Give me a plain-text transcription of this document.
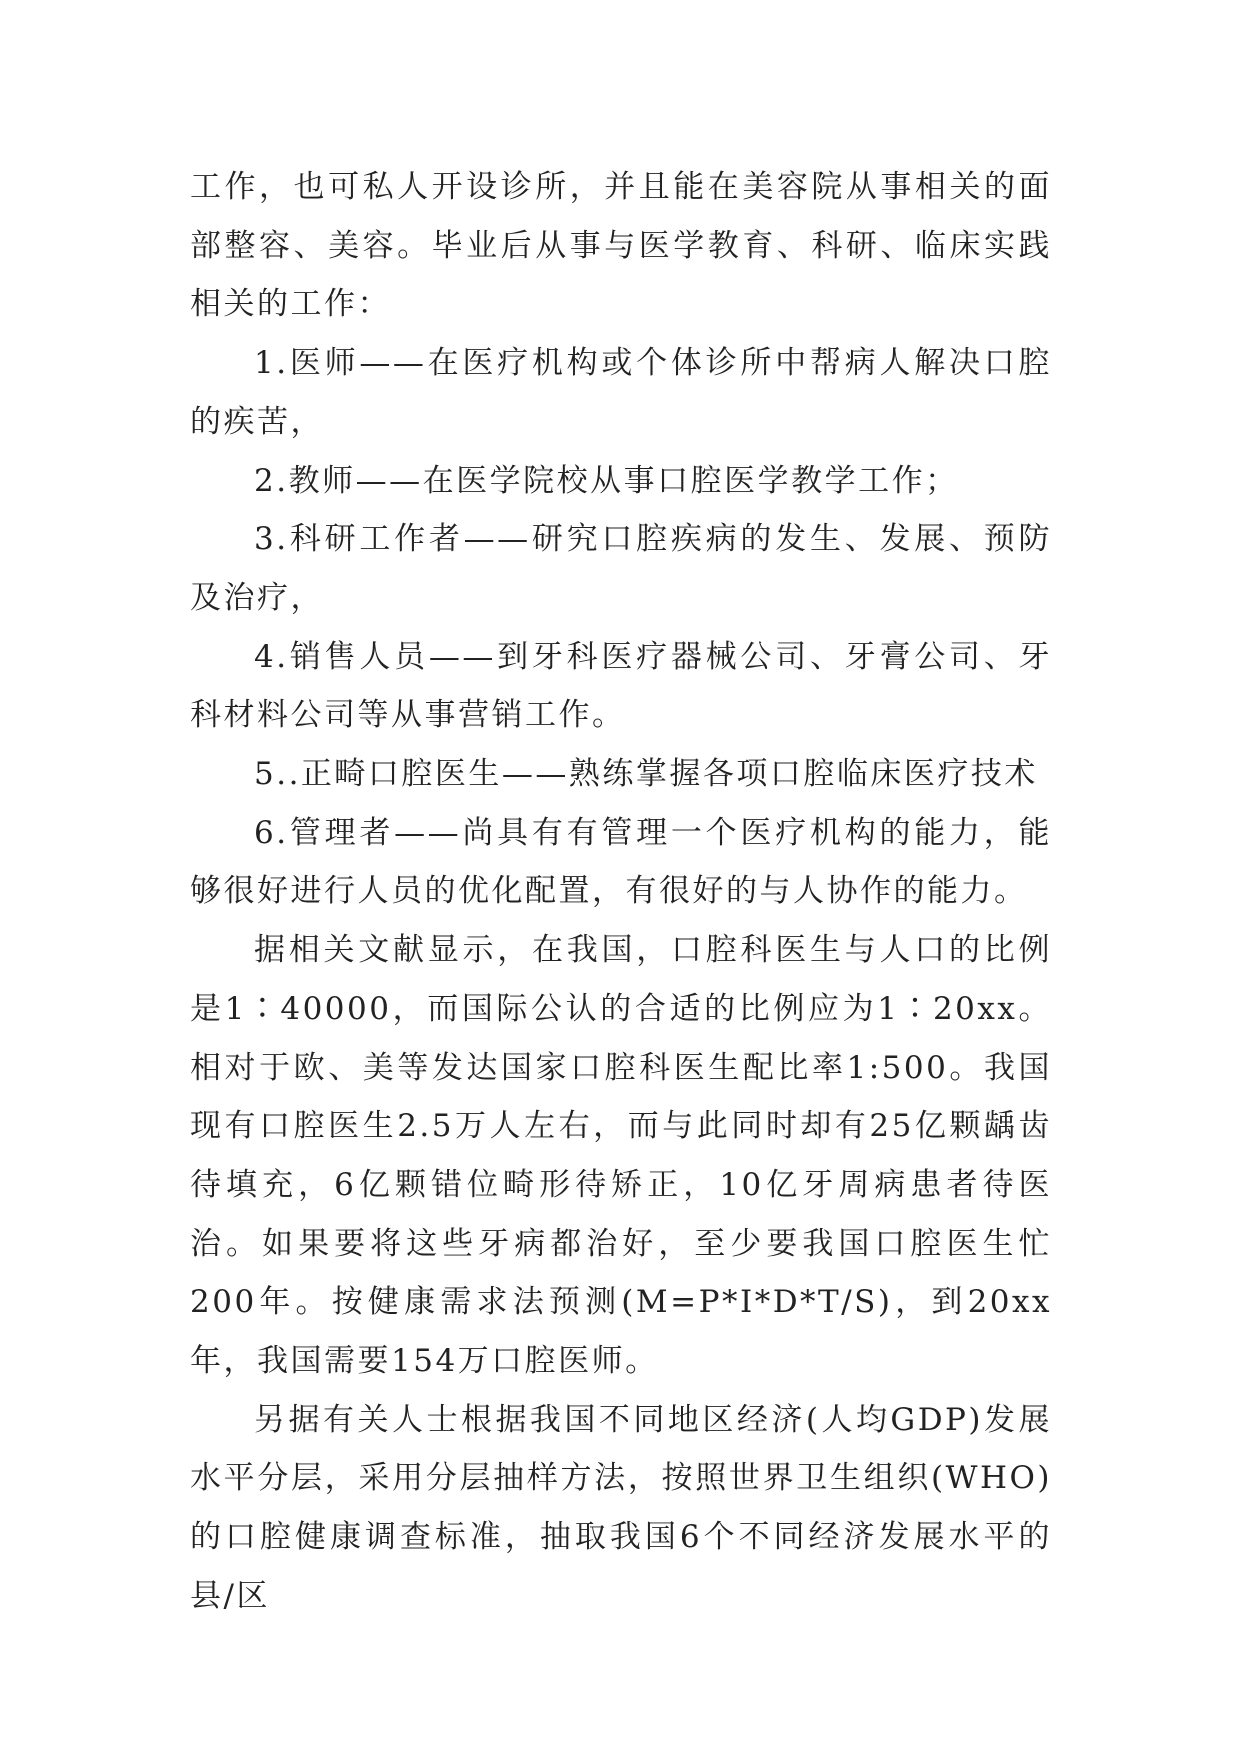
工作，也可私人开设诊所，并且能在美容院从事相关的面部整容、美容。毕业后从事与医学教育、科研、临床实践相关的工作：

1.医师——在医疗机构或个体诊所中帮病人解决口腔的疾苦，

2.教师——在医学院校从事口腔医学教学工作；

3.科研工作者——研究口腔疾病的发生、发展、预防及治疗，

4.销售人员——到牙科医疗器械公司、牙膏公司、牙科材料公司等从事营销工作。

5..正畸口腔医生——熟练掌握各项口腔临床医疗技术

6.管理者——尚具有有管理一个医疗机构的能力，能够很好进行人员的优化配置，有很好的与人协作的能力。

据相关文献显示，在我国，口腔科医生与人口的比例是1∶40000，而国际公认的合适的比例应为1∶20xx。相对于欧、美等发达国家口腔科医生配比率1:500。我国现有口腔医生2.5万人左右，而与此同时却有25亿颗龋齿待填充，6亿颗错位畸形待矫正，10亿牙周病患者待医治。如果要将这些牙病都治好，至少要我国口腔医生忙200年。按健康需求法预测(M=P*I*D*T/S)，到20xx年，我国需要154万口腔医师。

另据有关人士根据我国不同地区经济(人均GDP)发展水平分层，采用分层抽样方法，按照世界卫生组织(WHO)的口腔健康调查标准，抽取我国6个不同经济发展水平的县/区
